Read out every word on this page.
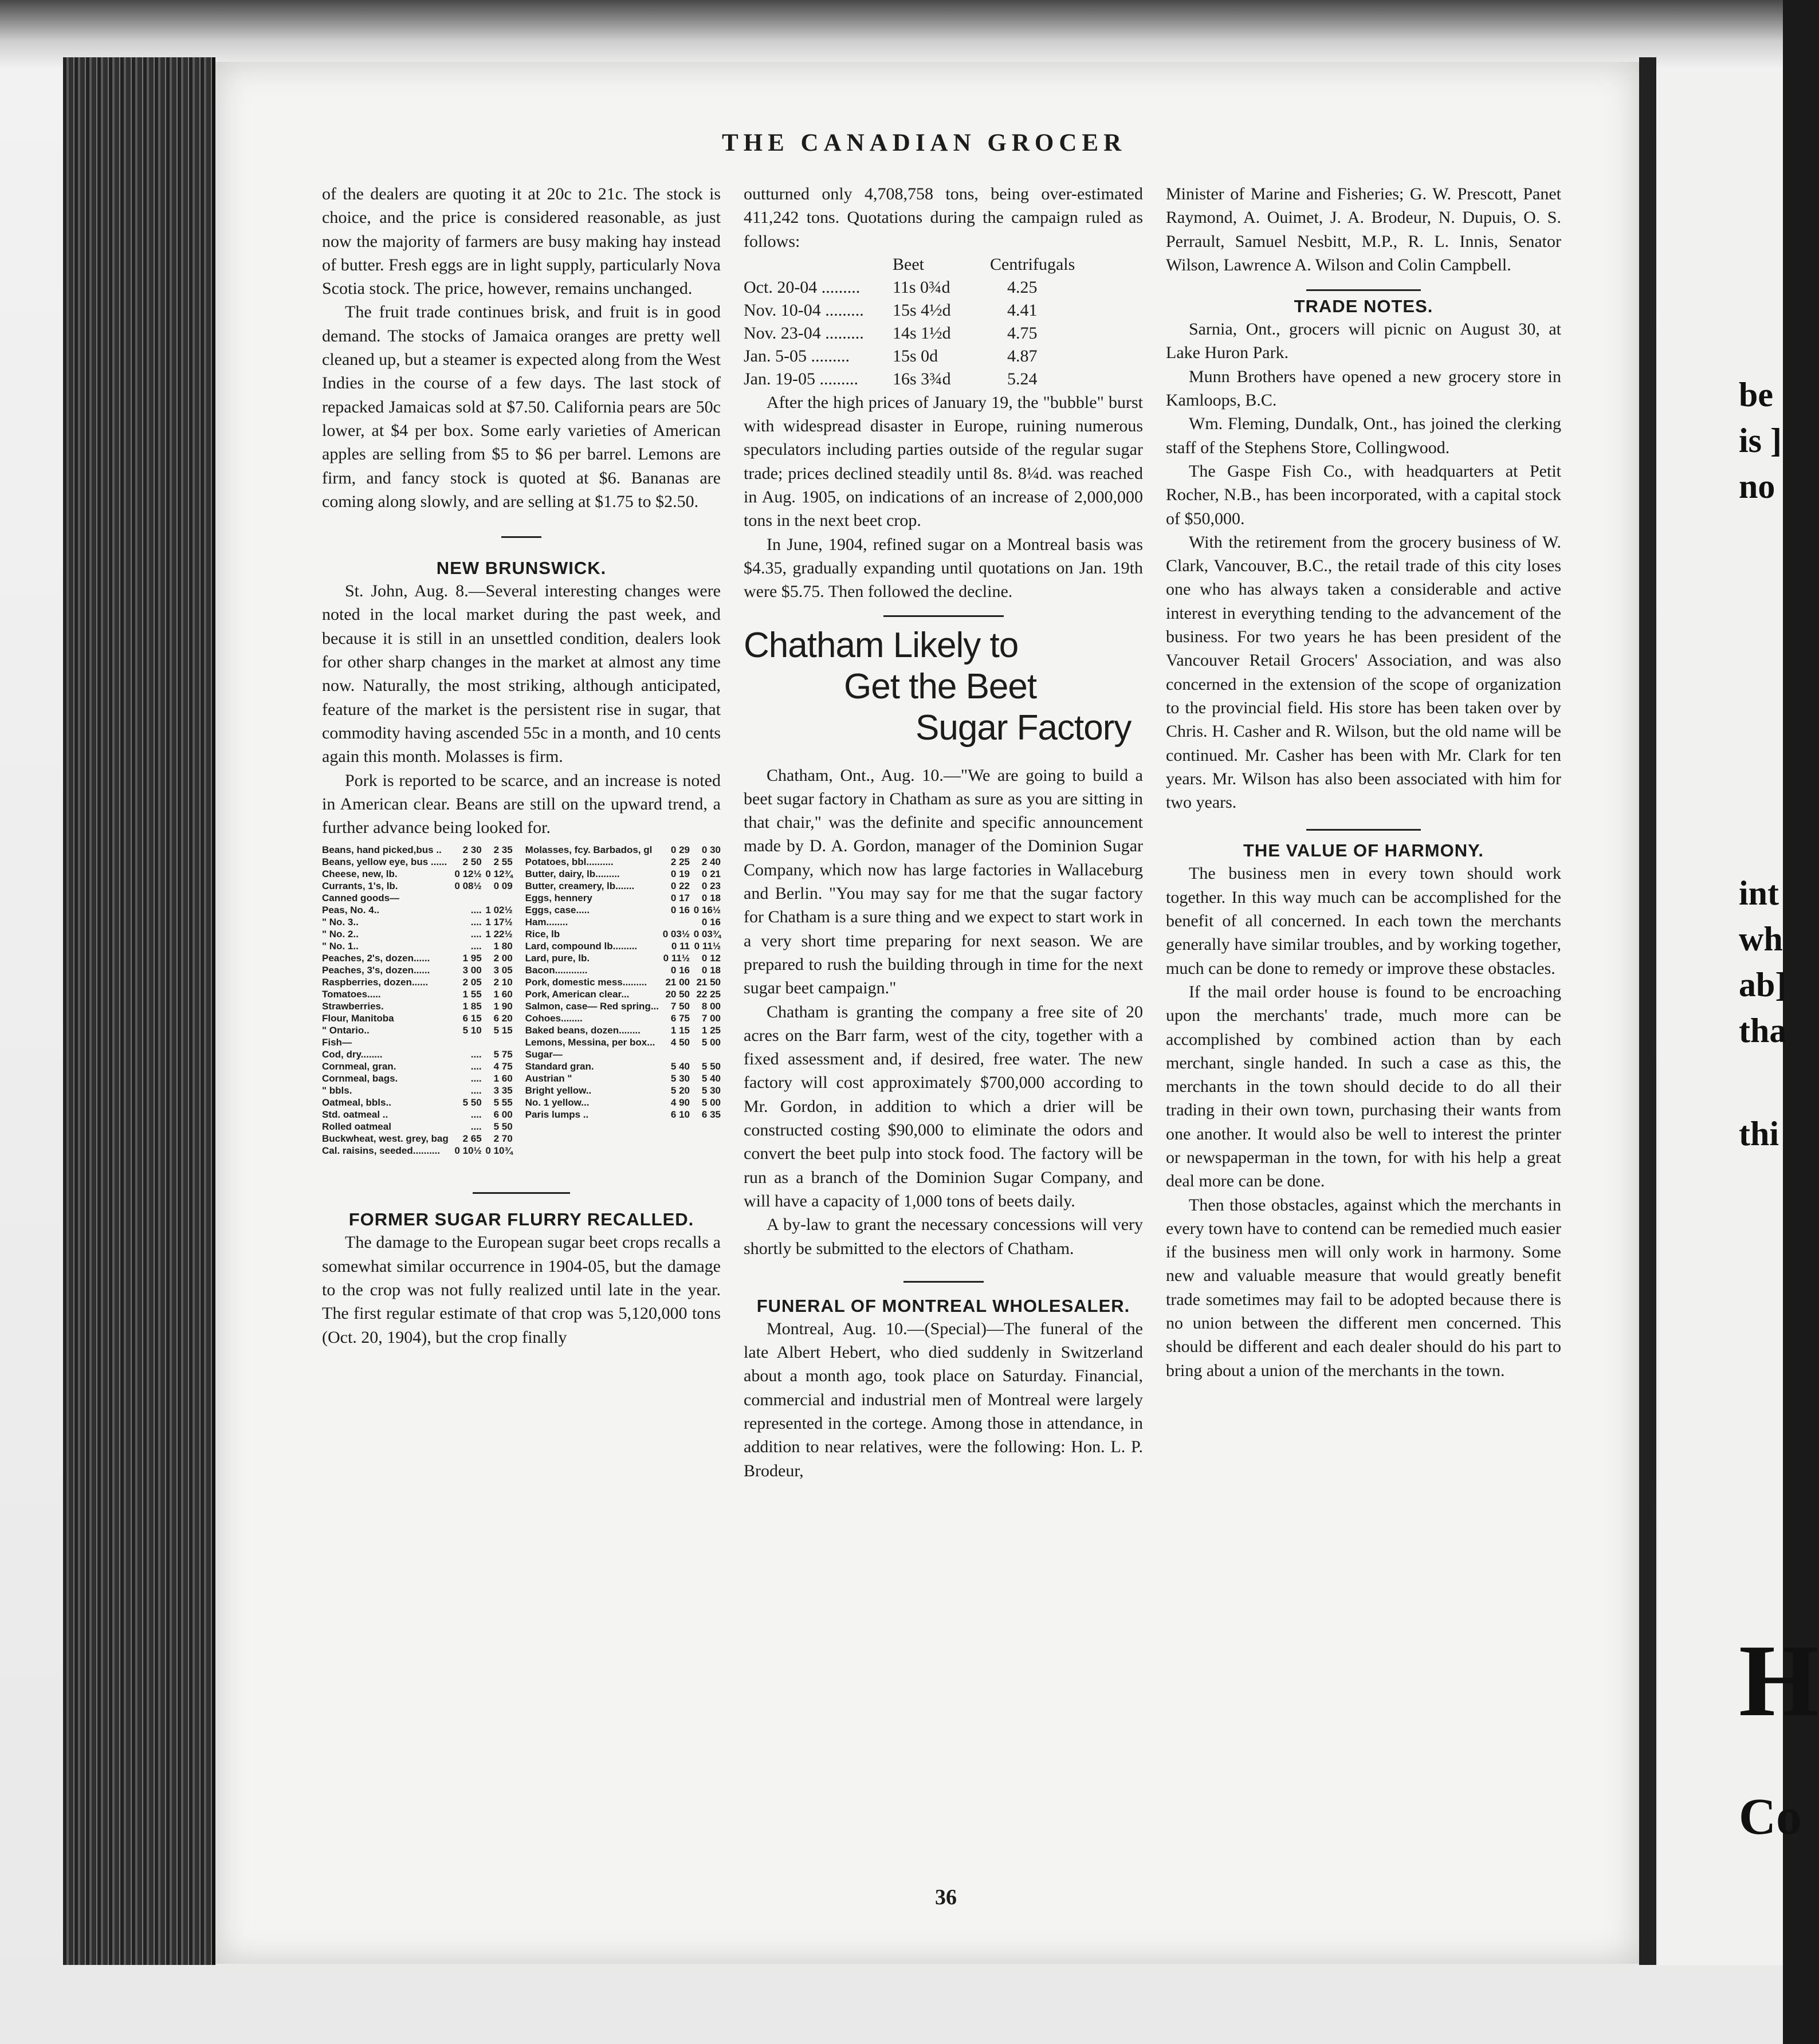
be
is ]
no
int
wh
ab]
tha
thi
H
Co
THE CANADIAN GROCER

of the dealers are quoting it at 20c to 21c. The stock is choice, and the price is considered reasonable, as just now the majority of farmers are busy making hay instead of butter. Fresh eggs are in light supply, particularly Nova Scotia stock. The price, however, remains unchanged.

The fruit trade continues brisk, and fruit is in good demand. The stocks of Jamaica oranges are pretty well cleaned up, but a steamer is expected along from the West Indies in the course of a few days. The last stock of repacked Jamaicas sold at $7.50. California pears are 50c lower, at $4 per box. Some early varieties of American apples are selling from $5 to $6 per barrel. Lemons are firm, and fancy stock is quoted at $6. Bananas are coming along slowly, and are selling at $1.75 to $2.50.

NEW BRUNSWICK.

St. John, Aug. 8.—Several interesting changes were noted in the local market during the past week, and because it is still in an unsettled condition, dealers look for other sharp changes in the market at almost any time now. Naturally, the most striking, although anticipated, feature of the market is the persistent rise in sugar, that commodity having ascended 55c in a month, and 10 cents again this month. Molasses is firm.

Pork is reported to be scarce, and an increase is noted in American clear. Beans are still on the upward trend, a further advance being looked for.

Beans, hand picked,bus ..	2 30	2 35
Beans, yellow eye, bus ......	2 50	2 55
Cheese, new, lb.	0 12½ 0 12¾
Currants, 1's, lb.	0 08½	0 09
Canned goods—
Peas, No. 4..	.... 1 02½
" No. 3..	.... 1 17½
" No. 2..	.... 1 22½
" No. 1..	....	1 80
Peaches, 2's, dozen......	1 95	2 00
Peaches, 3's, dozen......	3 00	3 05
Raspberries, dozen......	2 05	2 10
Tomatoes.....	1 55	1 60
Strawberries.	1 85	1 90
Flour, Manitoba	6 15	6 20
" Ontario..	5 10	5 15
Fish—
Cod, dry........	....	5 75
Cornmeal, gran.	....	4 75
Cornmeal, bags.	....	1 60
" bbls.	....	3 35
Oatmeal, bbls..	5 50	5 55
Std. oatmeal ..	....	6 00
Rolled oatmeal	....	5 50
Buckwheat, west. grey, bag	2 65	2 70
Cal. raisins, seeded..........	0 10½ 0 10¾
Molasses, fcy. Barbados, gl	0 29	0 30
Potatoes, bbl..........	2 25	2 40
Butter, dairy, lb.........	0 19	0 21
Butter, creamery, lb.......	0 22	0 23
Eggs, hennery	0 17	0 18
Eggs, case.....	0 16 0 16½
Ham........	0 16
Rice, lb	0 03½ 0 03¾
Lard, compound lb.........	0 11 0 11½
Lard, pure, lb.	0 11½	0 12
Bacon............	0 16	0 18
Pork, domestic mess.........	21 00 21 50
Pork, American clear...	20 50 22 25
Salmon, case— Red spring...	7 50	8 00
Cohoes........	6 75	7 00
Baked beans, dozen........	1 15	1 25
Lemons, Messina, per box...	4 50	5 00
Sugar—
Standard gran.	5 40	5 50
Austrian "	5 30	5 40
Bright yellow..	5 20	5 30
No. 1 yellow...	4 90	5 00
Paris lumps ..	6 10	6 35
FORMER SUGAR FLURRY RECALLED.

The damage to the European sugar beet crops recalls a somewhat similar occurrence in 1904-05, but the damage to the crop was not fully realized until late in the year. The first regular estimate of that crop was 5,120,000 tons (Oct. 20, 1904), but the crop finally

outturned only 4,708,758 tons, being over-estimated 411,242 tons. Quotations during the campaign ruled as follows:

	Beet	Centrifugals
Oct. 20-04 .........	11s 0¾d	4.25
Nov. 10-04 .........	15s 4½d	4.41
Nov. 23-04 .........	14s 1½d	4.75
Jan. 5-05 .........	15s 0d	4.87
Jan. 19-05 .........	16s 3¾d	5.24

After the high prices of January 19, the "bubble" burst with widespread disaster in Europe, ruining numerous speculators including parties outside of the regular sugar trade; prices declined steadily until 8s. 8¼d. was reached in Aug. 1905, on indications of an increase of 2,000,000 tons in the next beet crop.

In June, 1904, refined sugar on a Montreal basis was $4.35, gradually expanding until quotations on Jan. 19th were $5.75. Then followed the decline.

Chatham Likely to
Get the Beet
Sugar Factory

Chatham, Ont., Aug. 10.—"We are going to build a beet sugar factory in Chatham as sure as you are sitting in that chair," was the definite and specific announcement made by D. A. Gordon, manager of the Dominion Sugar Company, which now has large factories in Wallaceburg and Berlin. "You may say for me that the sugar factory for Chatham is a sure thing and we expect to start work in a very short time preparing for next season. We are prepared to rush the building through in time for the next sugar beet campaign."

Chatham is granting the company a free site of 20 acres on the Barr farm, west of the city, together with a fixed assessment and, if desired, free water. The new factory will cost approximately $700,000 according to Mr. Gordon, in addition to which a drier will be constructed costing $90,000 to eliminate the odors and convert the beet pulp into stock food. The factory will be run as a branch of the Dominion Sugar Company, and will have a capacity of 1,000 tons of beets daily.

A by-law to grant the necessary concessions will very shortly be submitted to the electors of Chatham.

FUNERAL OF MONTREAL WHOLESALER.

Montreal, Aug. 10.—(Special)—The funeral of the late Albert Hebert, who died suddenly in Switzerland about a month ago, took place on Saturday. Financial, commercial and industrial men of Montreal were largely represented in the cortege. Among those in attendance, in addition to near relatives, were the following: Hon. L. P. Brodeur,

Minister of Marine and Fisheries; G. W. Prescott, Panet Raymond, A. Ouimet, J. A. Brodeur, N. Dupuis, O. S. Perrault, Samuel Nesbitt, M.P., R. L. Innis, Senator Wilson, Lawrence A. Wilson and Colin Campbell.

TRADE NOTES.

Sarnia, Ont., grocers will picnic on August 30, at Lake Huron Park.

Munn Brothers have opened a new grocery store in Kamloops, B.C.

Wm. Fleming, Dundalk, Ont., has joined the clerking staff of the Stephens Store, Collingwood.

The Gaspe Fish Co., with headquarters at Petit Rocher, N.B., has been incorporated, with a capital stock of $50,000.

With the retirement from the grocery business of W. Clark, Vancouver, B.C., the retail trade of this city loses one who has always taken a considerable and active interest in everything tending to the advancement of the business. For two years he has been president of the Vancouver Retail Grocers' Association, and was also concerned in the extension of the scope of organization to the provincial field. His store has been taken over by Chris. H. Casher and R. Wilson, but the old name will be continued. Mr. Casher has been with Mr. Clark for ten years. Mr. Wilson has also been associated with him for two years.

THE VALUE OF HARMONY.

The business men in every town should work together. In this way much can be accomplished for the benefit of all concerned. In each town the merchants generally have similar troubles, and by working together, much can be done to remedy or improve these obstacles.

If the mail order house is found to be encroaching upon the merchants' trade, much more can be accomplished by combined action than by each merchant, single handed. In such a case as this, the merchants in the town should decide to do all their trading in their own town, purchasing their wants from one another. It would also be well to interest the printer or newspaperman in the town, for with his help a great deal more can be done.

Then those obstacles, against which the merchants in every town have to contend can be remedied much easier if the business men will only work in harmony. Some new and valuable measure that would greatly benefit trade sometimes may fail to be adopted because there is no union between the different men concerned. This should be different and each dealer should do his part to bring about a union of the merchants in the town.

36
